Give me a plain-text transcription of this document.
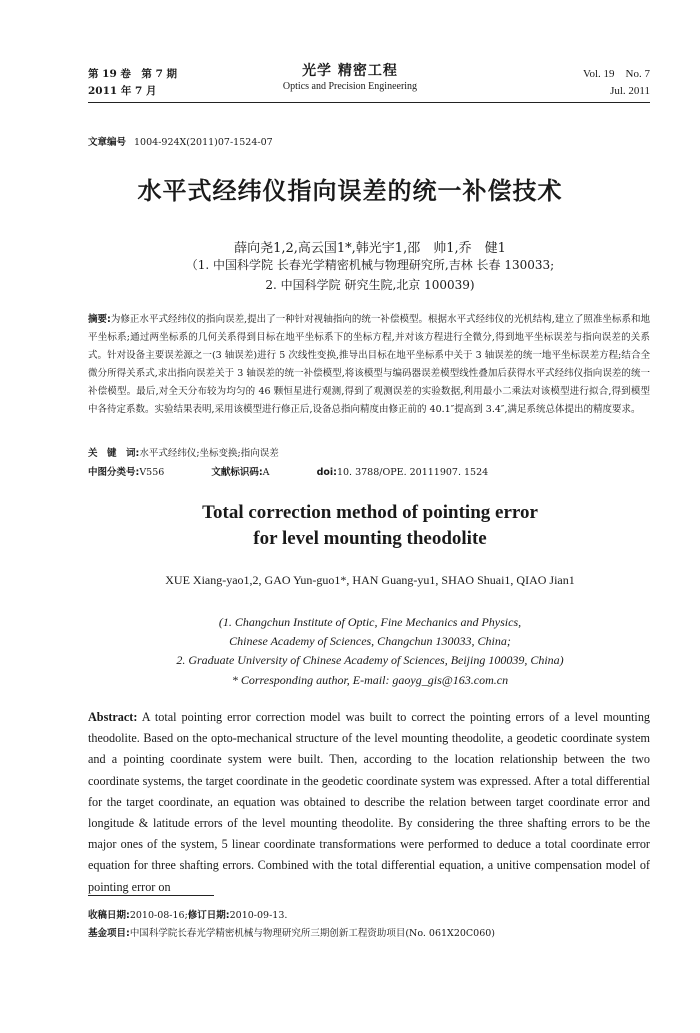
第 19 卷　第 7 期
2011 年 7 月
光学 精密工程
Optics and Precision Engineering
Vol. 19　No. 7
Jul. 2011
文章编号 1004-924X(2011)07-1524-07
水平式经纬仪指向误差的统一补偿技术
薛向尧1,2,高云国1*,韩光宇1,邵　帅1,乔　健1
（1. 中国科学院 长春光学精密机械与物理研究所,吉林 长春 130033;
2. 中国科学院 研究生院,北京 100039)
摘要:为修正水平式经纬仪的指向误差,提出了一种针对视轴指向的统一补偿模型。根据水平式经纬仪的光机结构,建立了照准坐标系和地平坐标系;通过两坐标系的几何关系得到目标在地平坐标系下的坐标方程,并对该方程进行全微分,得到地平坐标误差与指向误差的关系式。针对设备主要误差源之一(3 轴误差)进行 5 次线性变换,推导出目标在地平坐标系中关于 3 轴误差的统一地平坐标误差方程;结合全微分所得关系式,求出指向误差关于 3 轴误差的统一补偿模型,将该模型与编码器误差模型线性叠加后获得水平式经纬仪指向误差的统一补偿模型。最后,对全天分布较为均匀的 46 颗恒星进行观测,得到了观测误差的实验数据,利用最小二乘法对该模型进行拟合,得到模型中各待定系数。实验结果表明,采用该模型进行修正后,设备总指向精度由修正前的 40.1″提高到 3.4″,满足系统总体提出的精度要求。
关　键　词:水平式经纬仪;坐标变换;指向误差
中图分类号:V556	文献标识码:A	doi:10. 3788/OPE. 20111907. 1524
Total correction method of pointing error
for level mounting theodolite
XUE Xiang-yao1,2, GAO Yun-guo1*, HAN Guang-yu1, SHAO Shuai1, QIAO Jian1
(1. Changchun Institute of Optic, Fine Mechanics and Physics,
Chinese Academy of Sciences, Changchun 130033, China;
2. Graduate University of Chinese Academy of Sciences, Beijing 100039, China)
* Corresponding author, E-mail: gaoyg_gis@163.com.cn
Abstract: A total pointing error correction model was built to correct the pointing errors of a level mounting theodolite. Based on the opto-mechanical structure of the level mounting theodolite, a geodetic coordinate system and a pointing coordinate system were built. Then, according to the location relationship between the two coordinate systems, the target coordinate in the geodetic coordinate system was expressed. After a total differential for the target coordinate, an equation was obtained to describe the relation between target coordinate error and longitude & latitude errors of the level mounting theodolite. By considering the three shafting errors to be the major ones of the system, 5 linear coordinate transformations were performed to deduce a total coordinate error equation for three shafting errors. Combined with the total differential equation, a unitive compensation model of pointing error on
收稿日期:2010-08-16;修订日期:2010-09-13.
基金项目:中国科学院长春光学精密机械与物理研究所三期创新工程资助项目(No. 061X20C060)
